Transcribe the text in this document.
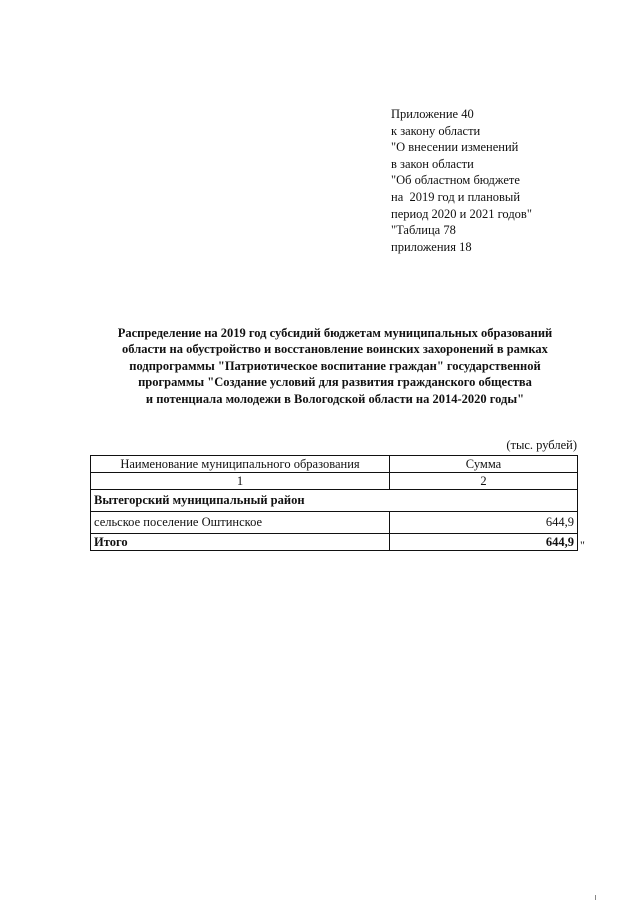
Приложение 40
к закону области
"О внесении изменений
в закон области
"Об областном бюджете
на  2019 год и плановый
период 2020 и 2021 годов"
"Таблица 78
приложения 18
Распределение на 2019 год субсидий бюджетам муниципальных образований
области на обустройство и восстановление воинских захоронений в рамках
подпрограммы "Патриотическое воспитание граждан" государственной
программы "Создание условий для развития гражданского общества
и потенциала молодежи в Вологодской области на 2014-2020 годы"
(тыс. рублей)
Наименование муниципального образования	Сумма
1	2
Вытегорский муниципальный район	
сельское поселение Оштинское	644,9
Итого	644,9 "
